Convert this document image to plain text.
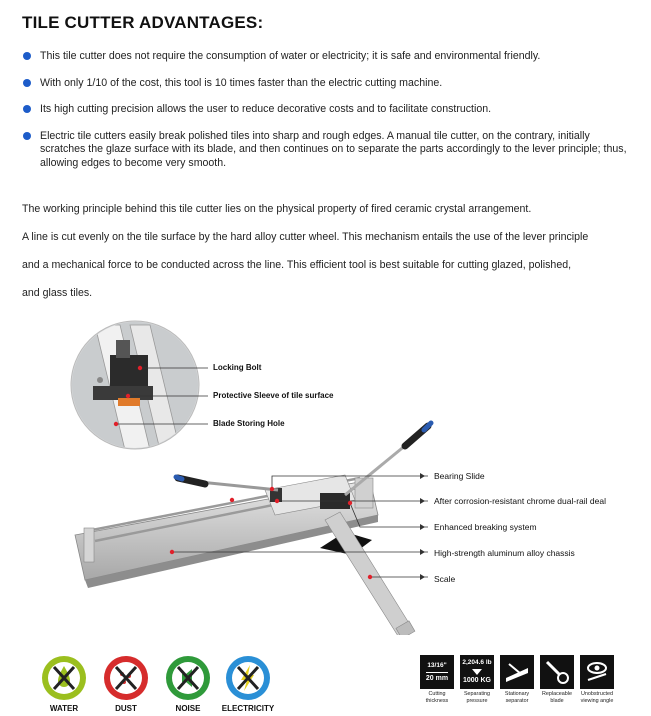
TILE CUTTER ADVANTAGES:
This tile cutter does not require the consumption of water or electricity; it is safe and environmental friendly.
With only 1/10 of the cost, this tool is 10 times faster than the electric cutting machine.
Its high cutting precision allows the user to reduce decorative costs and to facilitate construction.
Electric tile cutters easily break polished tiles into sharp and rough edges. A manual tile cutter, on the contrary, initially scratches the glaze surface with its blade, and then continues on to separate the parts accordingly to the lever principle; thus, allowing edges to become very smooth.

The working principle behind this tile cutter lies on the physical property of fired ceramic crystal arrangement.

A line is cut evenly on the tile surface by the hard alloy cutter wheel. This mechanism entails the use of the lever principle

and a mechanical force to be conducted across the line. This efficient tool is best suitable for cutting glazed, polished,

and glass tiles.

Locking Bolt
Protective Sleeve of tile surface
Blade Storing Hole
Bearing Slide
After corrosion-resistant chrome dual-rail deal
Enhanced breaking system
High-strength aluminum alloy chassis
Scale
WATER	DUST	NOISE	ELECTRICITY
13/16"
20 mm
Cutting thickness
2,204.6 lb
1000 KG
Separating pressure
Stationary separator
Replaceable blade
Unobstructed viewing angle
